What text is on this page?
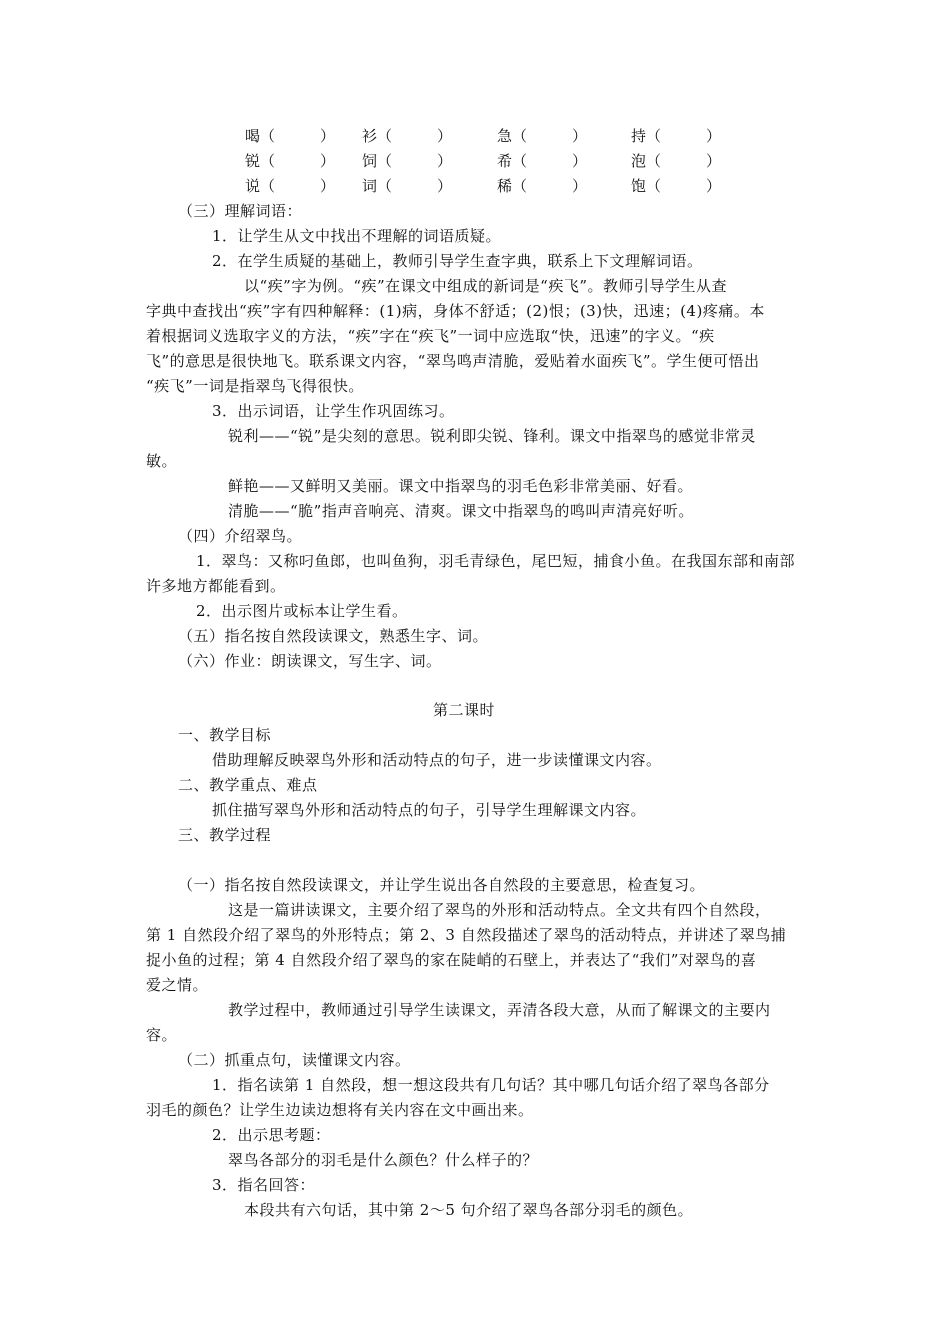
喝（　　　） 衫（　　　）	急（　　　）	持（　　　）
锐（　　　） 饲（　　　）	希（　　　）	泡（　　　）
说（　　　） 词（　　　）	稀（　　　）	饱（　　　）
（三）理解词语：
1．让学生从文中找出不理解的词语质疑。
2．在学生质疑的基础上，教师引导学生查字典，联系上下文理解词语。
以“疾”字为例。“疾”在课文中组成的新词是“疾飞”。教师引导学生从查
字典中查找出“疾”字有四种解释：(1)病，身体不舒适；(2)恨；(3)快，迅速；(4)疼痛。本
着根据词义选取字义的方法，“疾”字在“疾飞”一词中应选取“快，迅速”的字义。“疾
飞”的意思是很快地飞。联系课文内容，“翠鸟鸣声清脆，爱贴着水面疾飞”。学生便可悟出
“疾飞”一词是指翠鸟飞得很快。
3．出示词语，让学生作巩固练习。
锐利——“锐”是尖刻的意思。锐利即尖锐、锋利。课文中指翠鸟的感觉非常灵
敏。
鲜艳——又鲜明又美丽。课文中指翠鸟的羽毛色彩非常美丽、好看。
清脆——“脆”指声音响亮、清爽。课文中指翠鸟的鸣叫声清亮好听。
（四）介绍翠鸟。
1．翠鸟：又称叼鱼郎，也叫鱼狗，羽毛青绿色，尾巴短，捕食小鱼。在我国东部和南部
许多地方都能看到。
2．出示图片或标本让学生看。
（五）指名按自然段读课文，熟悉生字、词。
（六）作业：朗读课文，写生字、词。
第二课时
一、教学目标
借助理解反映翠鸟外形和活动特点的句子，进一步读懂课文内容。
二、教学重点、难点
抓住描写翠鸟外形和活动特点的句子，引导学生理解课文内容。
三、教学过程
（一）指名按自然段读课文，并让学生说出各自然段的主要意思，检查复习。
这是一篇讲读课文，主要介绍了翠鸟的外形和活动特点。全文共有四个自然段，
第 1 自然段介绍了翠鸟的外形特点；第 2、3 自然段描述了翠鸟的活动特点，并讲述了翠鸟捕
捉小鱼的过程；第 4 自然段介绍了翠鸟的家在陡峭的石壁上，并表达了“我们”对翠鸟的喜
爱之情。
教学过程中，教师通过引导学生读课文，弄清各段大意，从而了解课文的主要内
容。
（二）抓重点句，读懂课文内容。
1．指名读第 1 自然段，想一想这段共有几句话？其中哪几句话介绍了翠鸟各部分
羽毛的颜色？让学生边读边想将有关内容在文中画出来。
2．出示思考题：
翠鸟各部分的羽毛是什么颜色？什么样子的？
3．指名回答：
本段共有六句话，其中第 2～5 句介绍了翠鸟各部分羽毛的颜色。
